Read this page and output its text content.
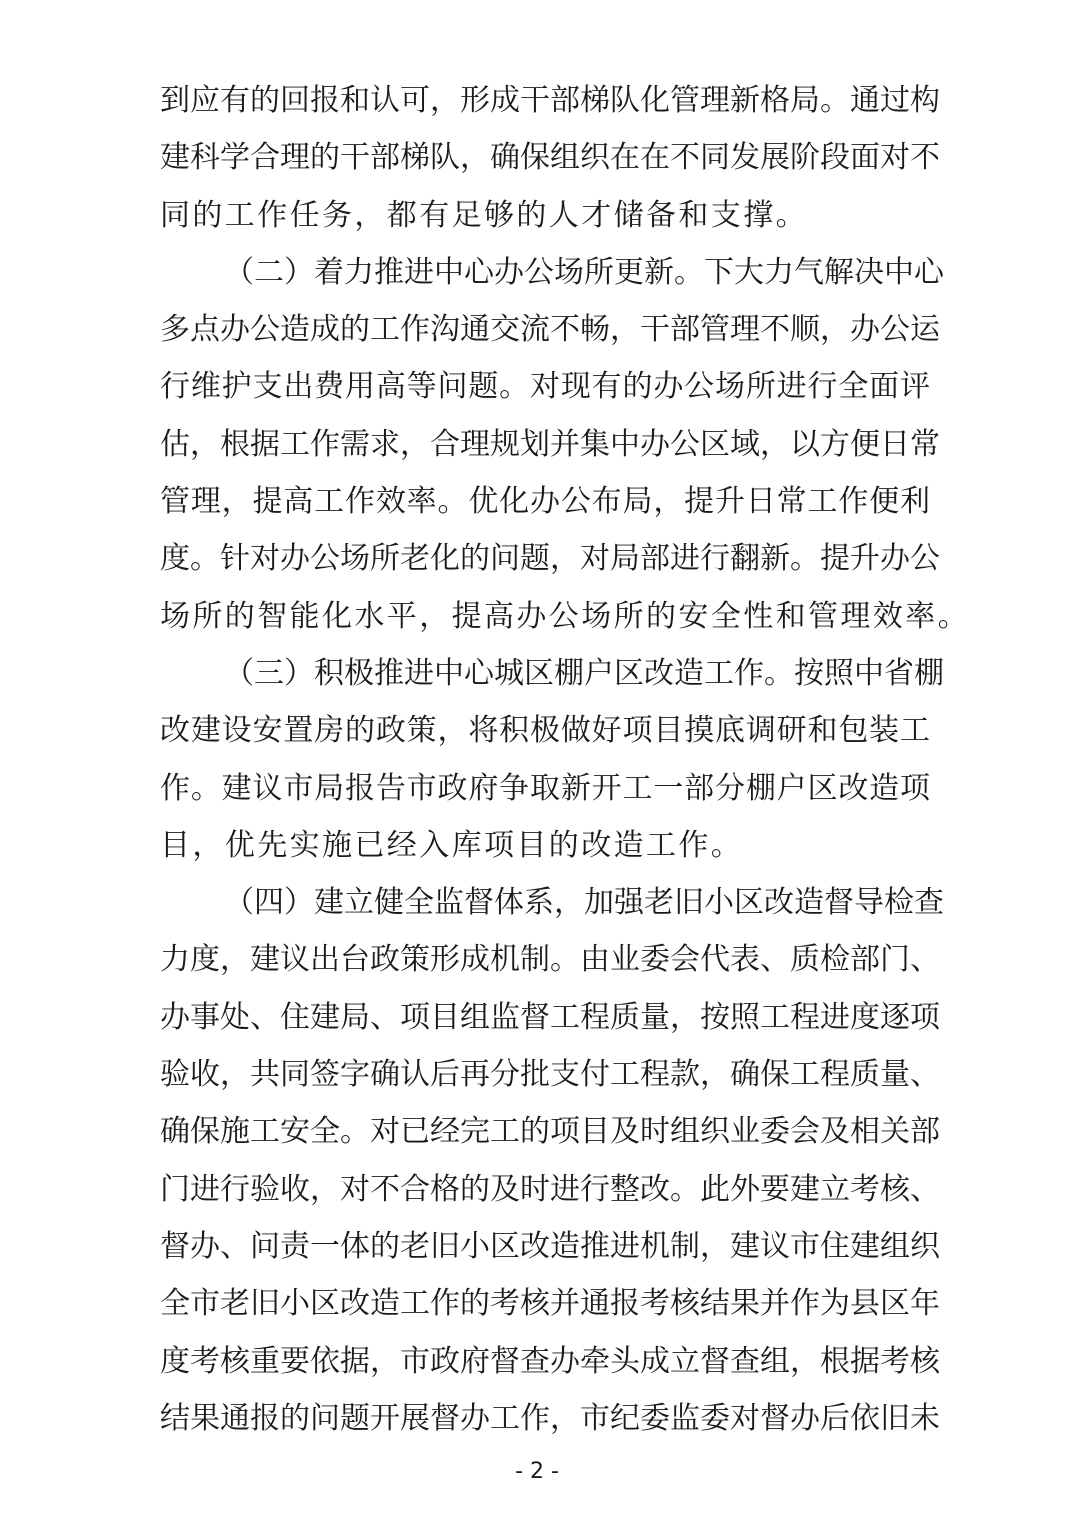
到应有的回报和认可，形成干部梯队化管理新格局。通过构
建科学合理的干部梯队，确保组织在在不同发展阶段面对不
同的工作任务，都有足够的人才储备和支撑。
（二）着力推进中心办公场所更新。下大力气解决中心
多点办公造成的工作沟通交流不畅，干部管理不顺，办公运
行维护支出费用高等问题。对现有的办公场所进行全面评
估，根据工作需求，合理规划并集中办公区域，以方便日常
管理，提高工作效率。优化办公布局，提升日常工作便利
度。针对办公场所老化的问题，对局部进行翻新。提升办公
场所的智能化水平，提高办公场所的安全性和管理效率。
（三）积极推进中心城区棚户区改造工作。按照中省棚
改建设安置房的政策，将积极做好项目摸底调研和包装工
作。建议市局报告市政府争取新开工一部分棚户区改造项
目，优先实施已经入库项目的改造工作。
（四）建立健全监督体系，加强老旧小区改造督导检查
力度，建议出台政策形成机制。由业委会代表、质检部门、
办事处、住建局、项目组监督工程质量，按照工程进度逐项
验收，共同签字确认后再分批支付工程款，确保工程质量、
确保施工安全。对已经完工的项目及时组织业委会及相关部
门进行验收，对不合格的及时进行整改。此外要建立考核、
督办、问责一体的老旧小区改造推进机制，建议市住建组织
全市老旧小区改造工作的考核并通报考核结果并作为县区年
度考核重要依据，市政府督查办牵头成立督查组，根据考核
结果通报的问题开展督办工作，市纪委监委对督办后依旧未
- 2 -
